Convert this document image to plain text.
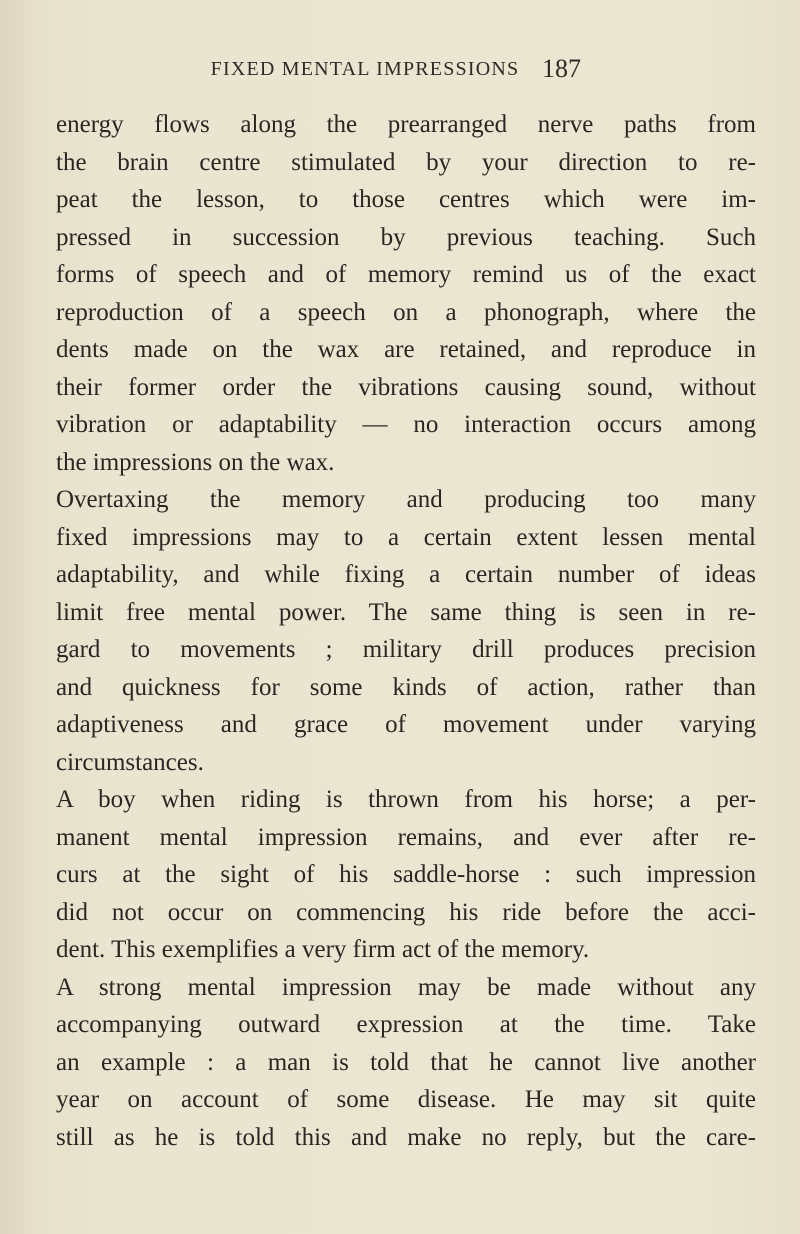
FIXED MENTAL IMPRESSIONS 187

energy flows along the prearranged nerve paths from

the brain centre stimulated by your direction to re-

peat the lesson, to those centres which were im-

pressed in succession by previous teaching. Such

forms of speech and of memory remind us of the exact

reproduction of a speech on a phonograph, where the

dents made on the wax are retained, and reproduce in

their former order the vibrations causing sound, without

vibration or adaptability — no interaction occurs among

the impressions on the wax.

Overtaxing the memory and producing too many

fixed impressions may to a certain extent lessen mental

adaptability, and while fixing a certain number of ideas

limit free mental power. The same thing is seen in re-

gard to movements ; military drill produces precision

and quickness for some kinds of action, rather than

adaptiveness and grace of movement under varying

circumstances.

A boy when riding is thrown from his horse; a per-

manent mental impression remains, and ever after re-

curs at the sight of his saddle-horse : such impression

did not occur on commencing his ride before the acci-

dent. This exemplifies a very firm act of the memory.

A strong mental impression may be made without any

accompanying outward expression at the time. Take

an example : a man is told that he cannot live another

year on account of some disease. He may sit quite

still as he is told this and make no reply, but the care-
